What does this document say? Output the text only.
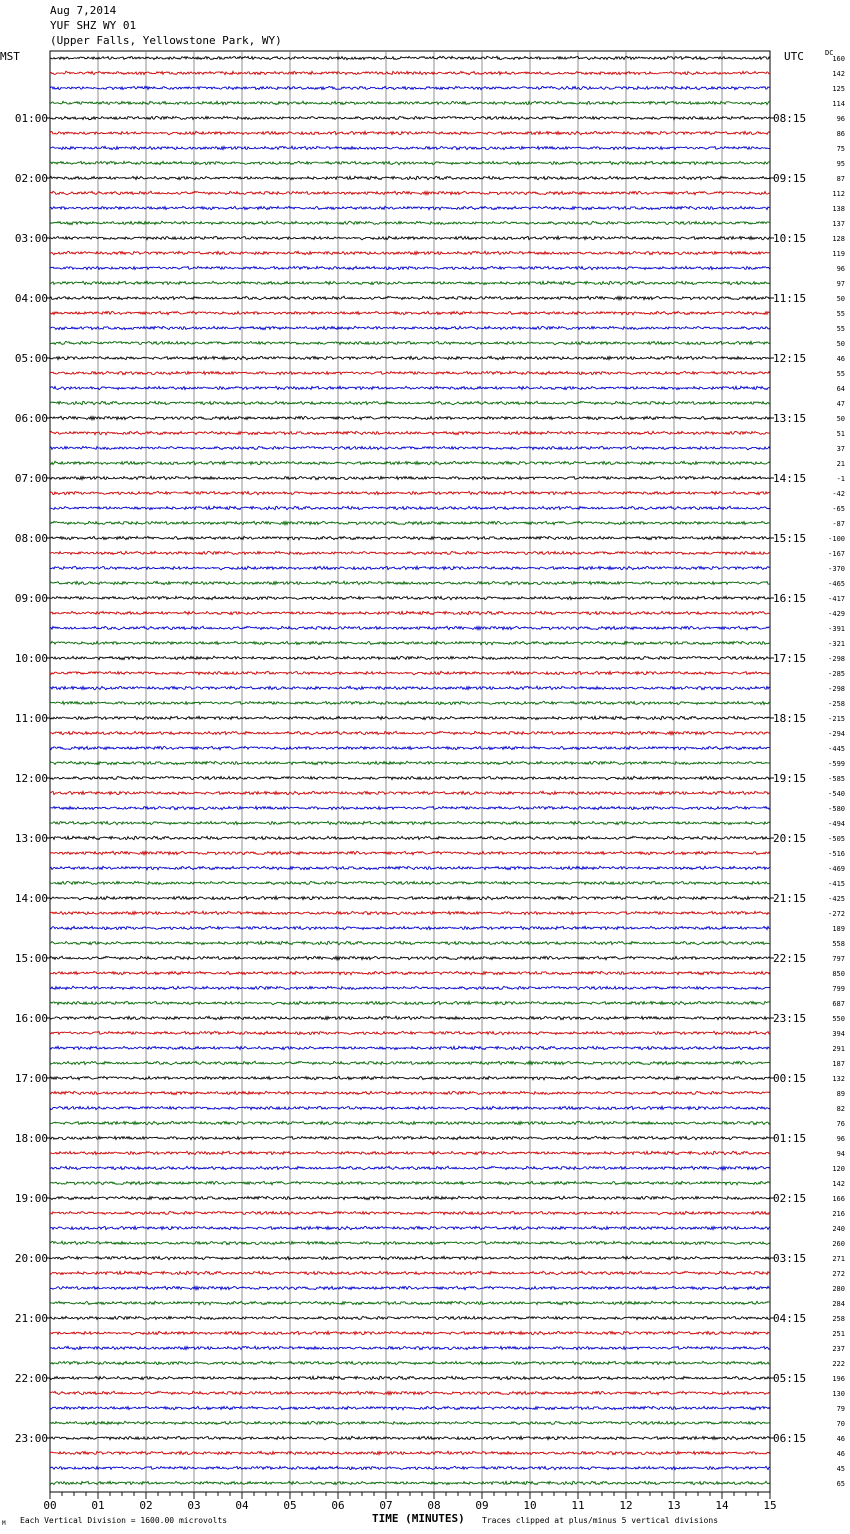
Aug 7,2014
YUF SHZ WY 01
(Upper Falls, Yellowstone Park, WY)
MST	UTC	DC
01:00
02:00
03:00
04:00
05:00
06:00
07:00
08:00
09:00
10:00
11:00
12:00
13:00
14:00
15:00
16:00
17:00
18:00
19:00
20:00
21:00
22:00
23:00
08:15
09:15
10:15
11:15
12:15
13:15
14:15
15:15
16:15
17:15
18:15
19:15
20:15
21:15
22:15
23:15
00:15
01:15
02:15
03:15
04:15
05:15
06:15
160
142
125
114
96
86
75
95
87
112
138
137
128
119
96
97
50
55
55
50
46
55
64
47
50
51
37
21
-1
-42
-65
-87
-100
-167
-370
-465
-417
-429
-391
-321
-298
-285
-298
-258
-215
-294
-445
-599
-585
-540
-580
-494
-505
-516
-469
-415
-425
-272
189
558
797
850
799
687
550
394
291
187
132
89
82
76
96
94
120
142
166
216
240
260
271
272
280
284
258
251
237
222
196
130
79
70
46
46
45
65
00	01	02	03	04	05	06	07	08	09	10	11	12	13	14	15
M Each Vertical Division = 1600.00 microvolts	TIME (MINUTES) Traces clipped at plus/minus 5 vertical divisions
